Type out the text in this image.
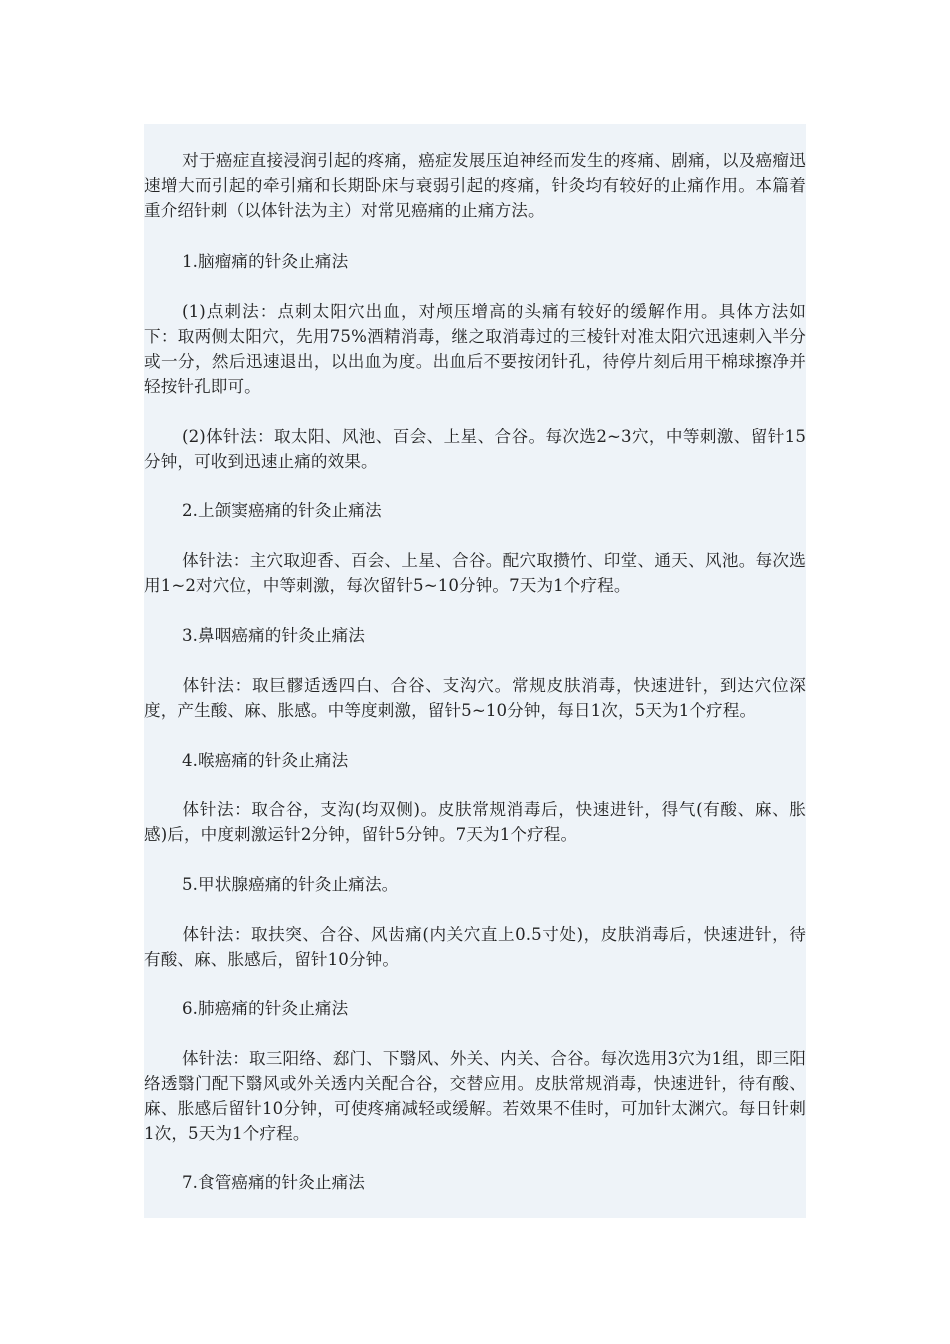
对于癌症直接浸润引起的疼痛，癌症发展压迫神经而发生的疼痛、剧痛，以及癌瘤迅速增大而引起的牵引痛和长期卧床与衰弱引起的疼痛，针灸均有较好的止痛作用。本篇着重介绍针刺（以体针法为主）对常见癌痛的止痛方法。

1.脑瘤痛的针灸止痛法

(1)点刺法：点刺太阳穴出血，对颅压增高的头痛有较好的缓解作用。具体方法如下：取两侧太阳穴，先用75%酒精消毒，继之取消毒过的三棱针对准太阳穴迅速刺入半分或一分，然后迅速退出，以出血为度。出血后不要按闭针孔，待停片刻后用干棉球擦净并轻按针孔即可。

(2)体针法：取太阳、风池、百会、上星、合谷。每次选2~3穴，中等刺激、留针15分钟，可收到迅速止痛的效果。

2.上颌窦癌痛的针灸止痛法

体针法：主穴取迎香、百会、上星、合谷。配穴取攒竹、印堂、通天、风池。每次选用1~2对穴位，中等刺激，每次留针5~10分钟。7天为1个疗程。

3.鼻咽癌痛的针灸止痛法

体针法：取巨髎适透四白、合谷、支沟穴。常规皮肤消毒，快速进针，到达穴位深度，产生酸、麻、胀感。中等度刺激，留针5~10分钟，每日1次，5天为1个疗程。

4.喉癌痛的针灸止痛法

体针法：取合谷，支沟(均双侧)。皮肤常规消毒后，快速进针，得气(有酸、麻、胀感)后，中度刺激运针2分钟，留针5分钟。7天为1个疗程。

5.甲状腺癌痛的针灸止痛法。

体针法：取扶突、合谷、风齿痛(内关穴直上0.5寸处)，皮肤消毒后，快速进针，待有酸、麻、胀感后，留针10分钟。

6.肺癌痛的针灸止痛法

体针法：取三阳络、郄门、下翳风、外关、内关、合谷。每次选用3穴为1组，即三阳络透翳门配下翳风或外关透内关配合谷，交替应用。皮肤常规消毒，快速进针，待有酸、麻、胀感后留针10分钟，可使疼痛减轻或缓解。若效果不佳时，可加针太渊穴。每日针刺1次，5天为1个疗程。

7.食管癌痛的针灸止痛法
